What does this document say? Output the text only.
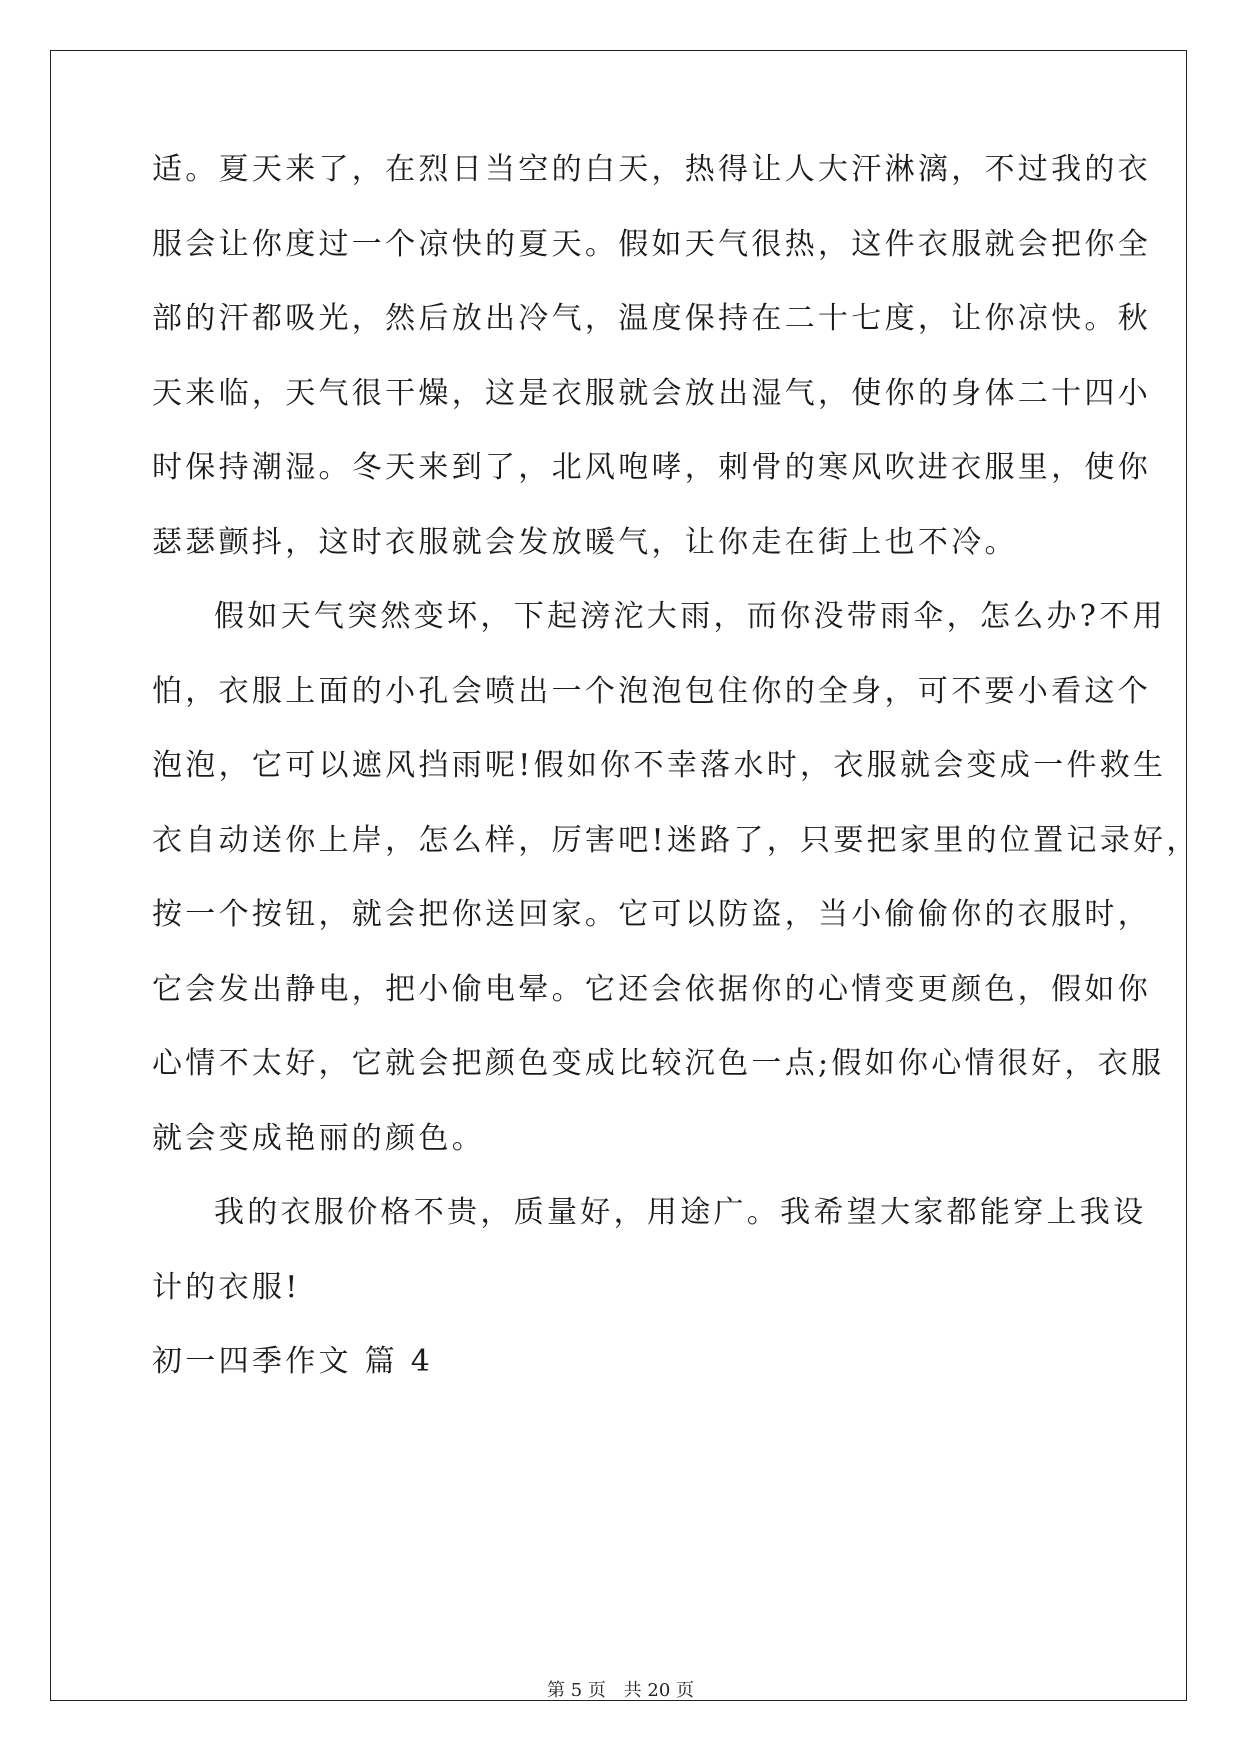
适。夏天来了，在烈日当空的白天，热得让人大汗淋漓，不过我的衣
服会让你度过一个凉快的夏天。假如天气很热，这件衣服就会把你全
部的汗都吸光，然后放出冷气，温度保持在二十七度，让你凉快。秋
天来临，天气很干燥，这是衣服就会放出湿气，使你的身体二十四小
时保持潮湿。冬天来到了，北风咆哮，刺骨的寒风吹进衣服里，使你
瑟瑟颤抖，这时衣服就会发放暖气，让你走在街上也不冷。
假如天气突然变坏，下起滂沱大雨，而你没带雨伞，怎么办?不用
怕，衣服上面的小孔会喷出一个泡泡包住你的全身，可不要小看这个
泡泡，它可以遮风挡雨呢!假如你不幸落水时，衣服就会变成一件救生
衣自动送你上岸，怎么样，厉害吧!迷路了，只要把家里的位置记录好，
按一个按钮，就会把你送回家。它可以防盗，当小偷偷你的衣服时，
它会发出静电，把小偷电晕。它还会依据你的心情变更颜色，假如你
心情不太好，它就会把颜色变成比较沉色一点;假如你心情很好，衣服
就会变成艳丽的颜色。
我的衣服价格不贵，质量好，用途广。我希望大家都能穿上我设
计的衣服!
初一四季作文 篇 4
第 5 页 共 20 页
